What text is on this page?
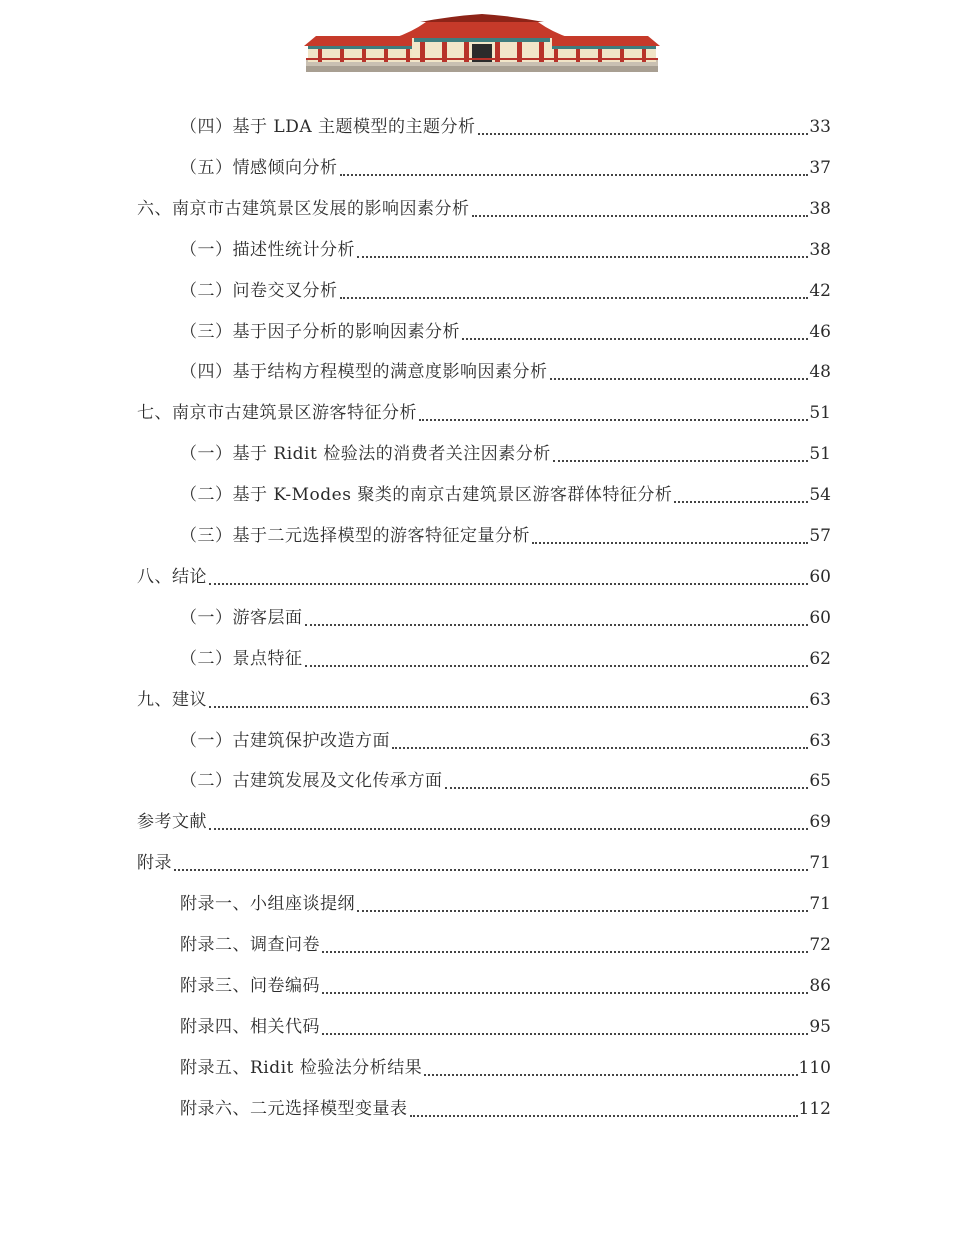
（四）基于 LDA 主题模型的主题分析	33
（五）情感倾向分析	37
六、南京市古建筑景区发展的影响因素分析	38
（一）描述性统计分析	38
（二）问卷交叉分析	42
（三）基于因子分析的影响因素分析	46
（四）基于结构方程模型的满意度影响因素分析	48
七、南京市古建筑景区游客特征分析	51
（一）基于 Ridit 检验法的消费者关注因素分析	51
（二）基于 K-Modes 聚类的南京古建筑景区游客群体特征分析	54
（三）基于二元选择模型的游客特征定量分析	57
八、结论	60
（一）游客层面	60
（二）景点特征	62
九、建议	63
（一）古建筑保护改造方面	63
（二）古建筑发展及文化传承方面	65
参考文献	69
附录	71
附录一、小组座谈提纲	71
附录二、调查问卷	72
附录三、问卷编码	86
附录四、相关代码	95
附录五、Ridit 检验法分析结果	110
附录六、二元选择模型变量表	112
